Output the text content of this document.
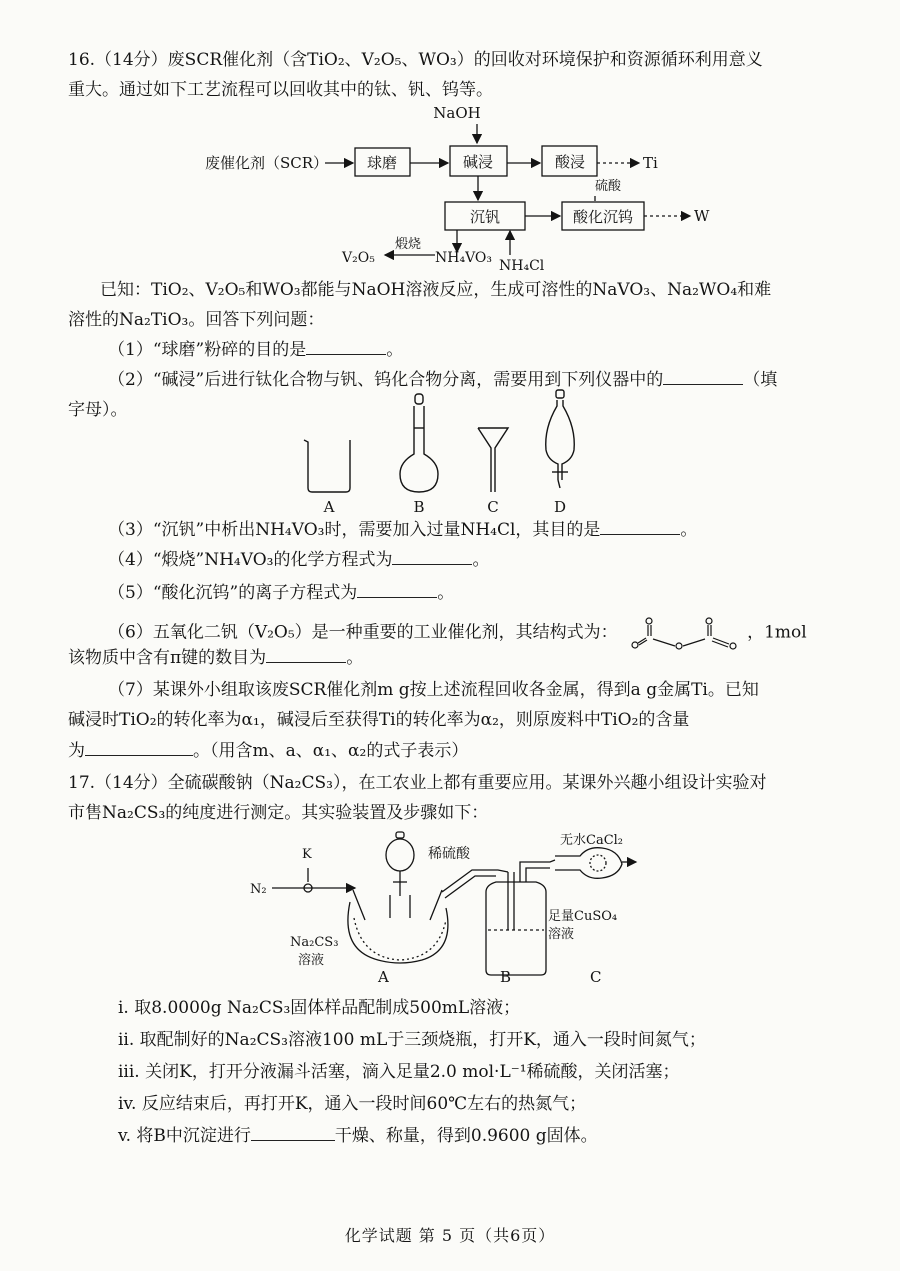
16.（14分）废SCR催化剂（含TiO₂、V₂O₅、WO₃）的回收对环境保护和资源循环利用意义
重大。通过如下工艺流程可以回收其中的钛、钒、钨等。
NaOH
废催化剂（SCR）	球磨	碱浸	酸浸	Ti
硫酸
沉钒	酸化沉钨	W
煅烧
V₂O₅	NH₄VO₃ NH₄Cl
已知：TiO₂、V₂O₅和WO₃都能与NaOH溶液反应，生成可溶性的NaVO₃、Na₂WO₄和难
溶性的Na₂TiO₃。回答下列问题：
（1）“球磨”粉碎的目的是	。
（2）“碱浸”后进行钛化合物与钒、钨化合物分离，需要用到下列仪器中的	（填
字母）。
A	B	C	D
（3）“沉钒”中析出NH₄VO₃时，需要加入过量NH₄Cl，其目的是	。
（4）“煅烧”NH₄VO₃的化学方程式为	。
（5）“酸化沉钨”的离子方程式为	。
（6）五氧化二钒（V₂O₅）是一种重要的工业催化剂，其结构式为：	，1mol
该物质中含有π键的数目为	。
（7）某课外小组取该废SCR催化剂m g按上述流程回收各金属，得到a g金属Ti。已知
碱浸时TiO₂的转化率为α₁，碱浸后至获得Ti的转化率为α₂，则原废料中TiO₂的含量
为	。（用含m、a、α₁、α₂的式子表示）
17.（14分）全硫碳酸钠（Na₂CS₃），在工农业上都有重要应用。某课外兴趣小组设计实验对
市售Na₂CS₃的纯度进行测定。其实验装置及步骤如下：
K
N₂
稀硫酸
无水CaCl₂
Na₂CS₃
溶液
足量CuSO₄
溶液
A	B	C
i. 取8.0000g Na₂CS₃固体样品配制成500mL溶液；
ii. 取配制好的Na₂CS₃溶液100 mL于三颈烧瓶，打开K，通入一段时间氮气；
iii. 关闭K，打开分液漏斗活塞，滴入足量2.0 mol·L⁻¹稀硫酸，关闭活塞；
iv. 反应结束后，再打开K，通入一段时间60℃左右的热氮气；
v. 将B中沉淀进行	干燥、称量，得到0.9600 g固体。
化学试题 第 5 页（共6页）
